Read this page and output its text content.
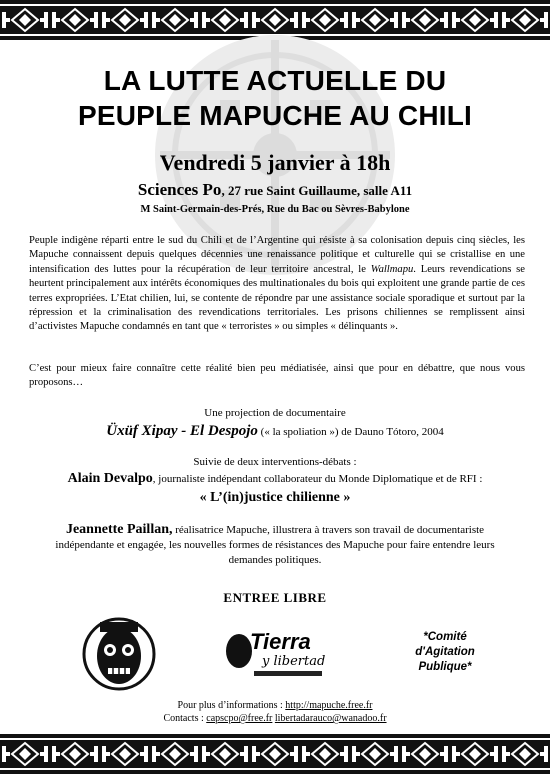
LA LUTTE ACTUELLE DU
PEUPLE MAPUCHE AU CHILI
Vendredi 5 janvier à 18h
Sciences Po, 27 rue Saint Guillaume, salle A11
M Saint-Germain-des-Prés, Rue du Bac ou Sèvres-Babylone
Peuple indigène réparti entre le sud du Chili et de l’Argentine qui résiste à sa colonisation depuis cinq siècles, les Mapuche connaissent depuis quelques décennies une renaissance politique et culturelle qui se cristallise en une intensification des luttes pour la récupération de leur territoire ancestral, le Wallmapu. Leurs revendications se heurtent principalement aux intérêts économiques des multinationales du bois qui exploitent une grande partie de ces terres expropriées. L’Etat chilien, lui, se contente de répondre par une assistance sociale sporadique et surtout par la répression et la criminalisation des revendications territoriales. Les prisons chiliennes se remplissent ainsi d’activistes Mapuche condamnés en tant que « terroristes » ou simples « délinquants ».
C’est pour mieux faire connaître cette réalité bien peu médiatisée, ainsi que pour en débattre, que nous vous proposons…
Une projection de documentaire
Üxüf Xipay - El Despojo (« la spoliation ») de Dauno Tótoro, 2004
Suivie de deux interventions-débats :
Alain Devalpo, journaliste indépendant collaborateur du Monde Diplomatique et de RFI :
« L’(in)justice chilienne »
Jeannette Paillan, réalisatrice Mapuche, illustrera à travers son travail de documentariste indépendante et engagée, les nouvelles formes de résistances des Mapuche pour faire entendre leurs demandes politiques.
ENTREE LIBRE
Tierra
y libertad
*Comité
d'Agitation
Publique*
Pour plus d’informations : http://mapuche.free.fr
Contacts : capscpo@free.fr libertadarauco@wanadoo.fr
